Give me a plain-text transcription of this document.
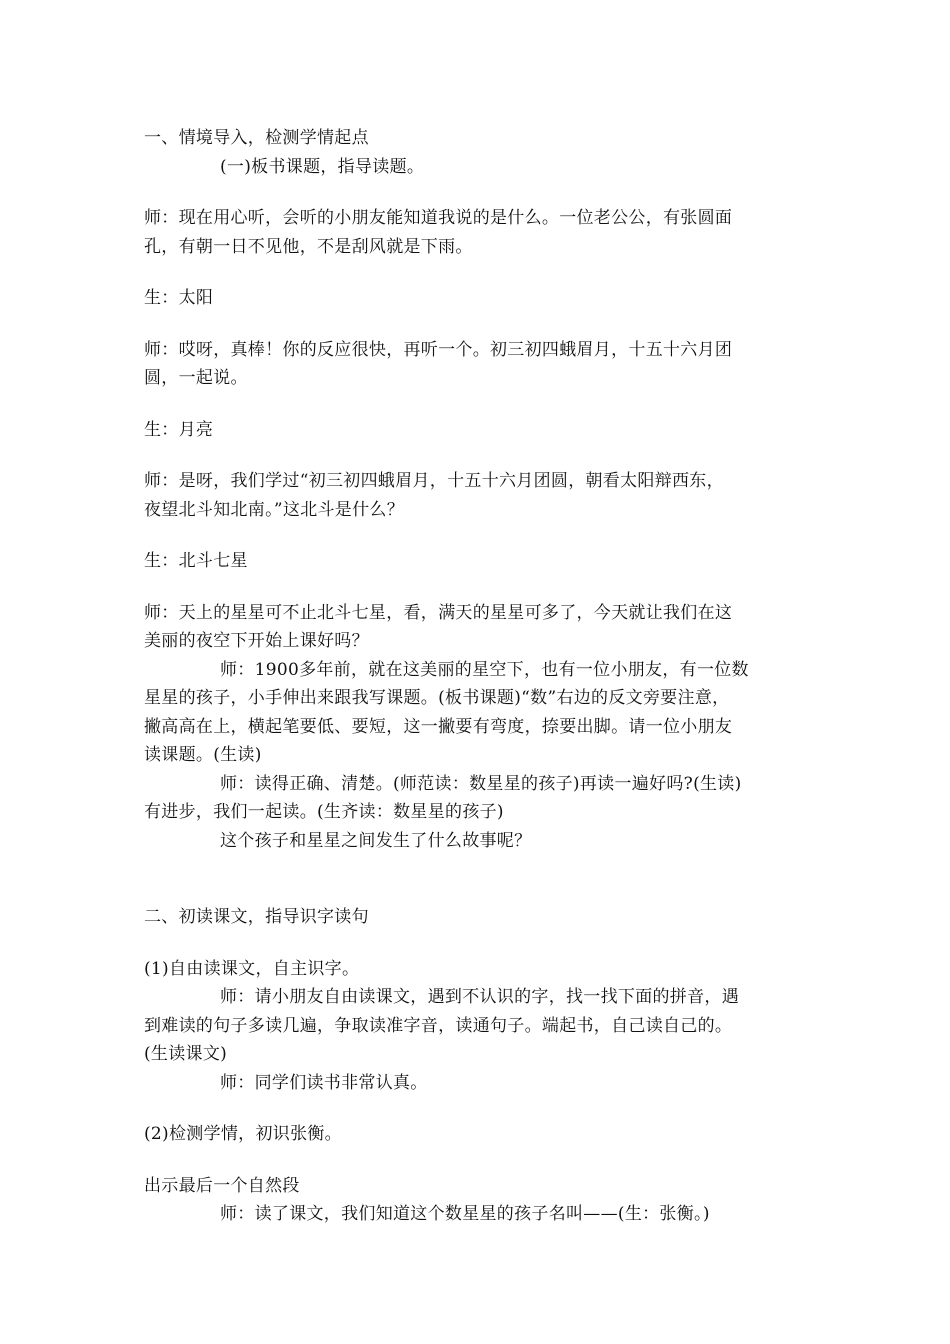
一、情境导入，检测学情起点
(一)板书课题，指导读题。
师：现在用心听，会听的小朋友能知道我说的是什么。一位老公公，有张圆面
孔，有朝一日不见他，不是刮风就是下雨。
生：太阳
师：哎呀，真棒！你的反应很快，再听一个。初三初四蛾眉月，十五十六月团
圆，一起说。
生：月亮
师：是呀，我们学过“初三初四蛾眉月，十五十六月团圆，朝看太阳辩西东，
夜望北斗知北南。”这北斗是什么？
生：北斗七星
师：天上的星星可不止北斗七星，看，满天的星星可多了，今天就让我们在这
美丽的夜空下开始上课好吗？
师：1900多年前，就在这美丽的星空下，也有一位小朋友，有一位数
星星的孩子，小手伸出来跟我写课题。(板书课题)“数”右边的反文旁要注意，
撇高高在上，横起笔要低、要短，这一撇要有弯度，捺要出脚。请一位小朋友
读课题。(生读)
师：读得正确、清楚。(师范读：数星星的孩子)再读一遍好吗?(生读)
有进步，我们一起读。(生齐读：数星星的孩子)
这个孩子和星星之间发生了什么故事呢？
二、初读课文，指导识字读句
(1)自由读课文，自主识字。
师：请小朋友自由读课文，遇到不认识的字，找一找下面的拼音，遇
到难读的句子多读几遍，争取读准字音，读通句子。端起书，自己读自己的。
(生读课文)
师：同学们读书非常认真。
(2)检测学情，初识张衡。
出示最后一个自然段
师：读了课文，我们知道这个数星星的孩子名叫——(生：张衡。)
